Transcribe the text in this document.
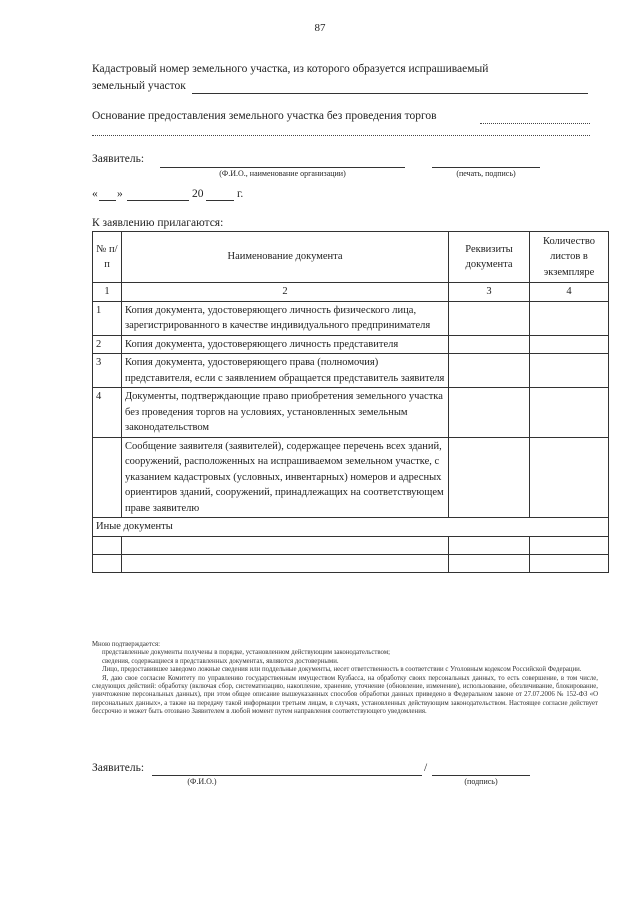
87
Кадастровый номер земельного участка, из которого образуется испрашиваемый
земельный участок
Основание предоставления земельного участка без проведения торгов
Заявитель:
(Ф.И.О., наименование организации)	(печать, подпись)
« »	20	г.
К заявлению прилагаются:
№ п/п	Наименование документа	Реквизиты документа	Количество листов в экземпляре
1	2	3	4
1	Копия документа, удостоверяющего личность физического лица, зарегистрированного в качестве индивидуального предпринимателя		
2	Копия документа, удостоверяющего личность представителя		
3	Копия документа, удостоверяющего права (полномочия) представителя, если с заявлением обращается представитель заявителя		
4	Документы, подтверждающие право приобретения земельного участка без проведения торгов на условиях, установленных земельным законодательством		
	Сообщение заявителя (заявителей), содержащее перечень всех зданий, сооружений, расположенных на испрашиваемом земельном участке, с указанием кадастровых (условных, инвентарных) номеров и адресных ориентиров зданий, сооружений, принадлежащих на соответствующем праве заявителю		
Иные документы			

Мною подтверждается:

представленные документы получены в порядке, установленном действующим законодательством;

сведения, содержащиеся в представленных документах, являются достоверными.

Лицо, предоставившее заведомо ложные сведения или поддельные документы, несет ответственность в соответствии с Уголовным кодексом Российской Федерации.

Я, даю свое согласие Комитету по управлению государственным имуществом Кузбасса, на обработку своих персональных данных, то есть совершение, в том числе, следующих действий: обработку (включая сбор, систематизацию, накопление, хранение, уточнение (обновление, изменение), использование, обезличивание, блокирование, уничтожение персональных данных), при этом общее описание вышеуказанных способов обработки данных приведено в Федеральном законе от 27.07.2006 № 152-ФЗ «О персональных данных», а также на передачу такой информации третьим лицам, в случаях, установленных действующим законодательством. Настоящее согласие действует бессрочно и может быть отозвано Заявителем в любой момент путем направления соответствующего уведомления.

Заявитель:	/
(Ф.И.О.)	(подпись)
